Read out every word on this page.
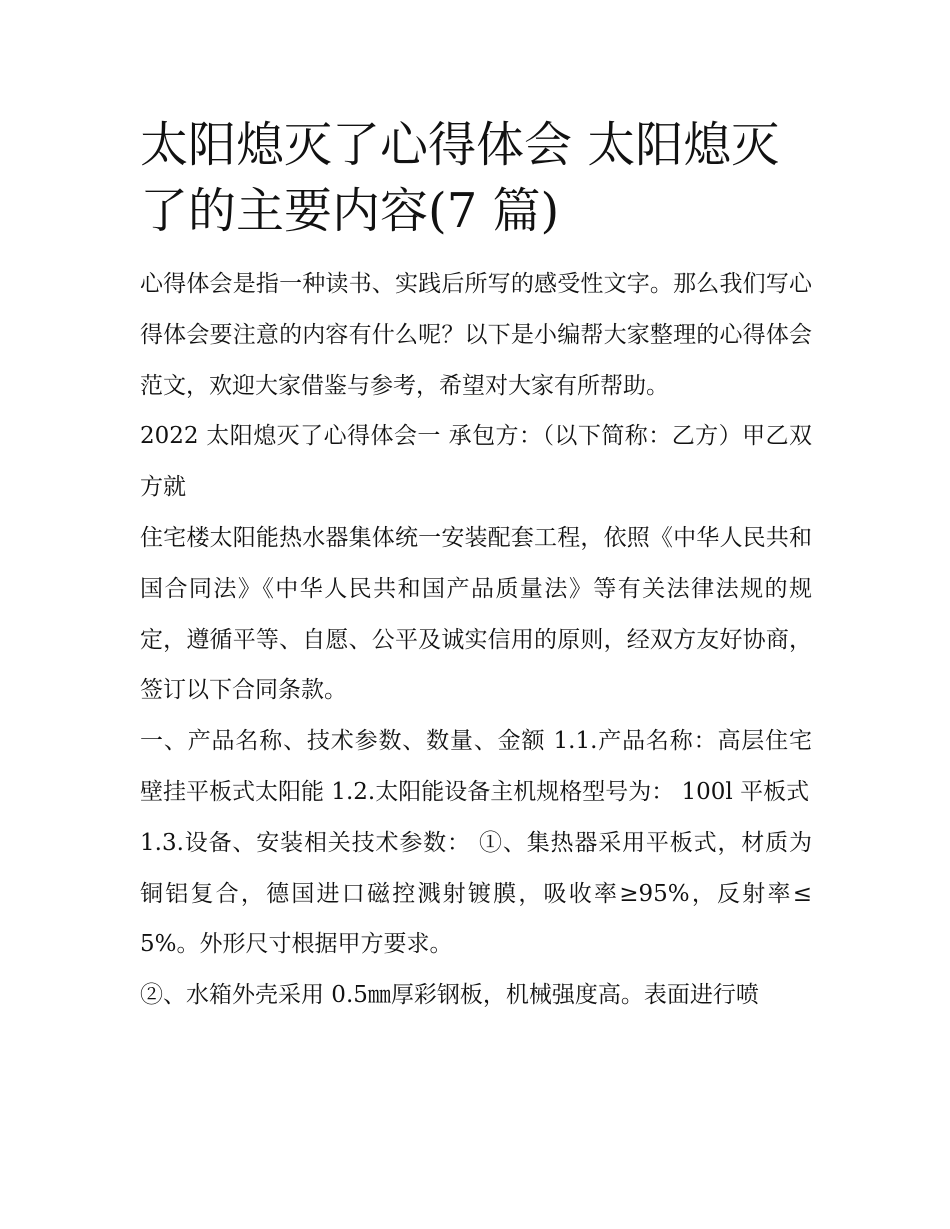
太阳熄灭了心得体会 太阳熄灭了的主要内容(7 篇)

心得体会是指一种读书、实践后所写的感受性文字。那么我们写心得体会要注意的内容有什么呢？以下是小编帮大家整理的心得体会范文，欢迎大家借鉴与参考，希望对大家有所帮助。

2022 太阳熄灭了心得体会一 承包方：（以下简称：乙方）甲乙双方就

住宅楼太阳能热水器集体统一安装配套工程，依照《中华人民共和国合同法》《中华人民共和国产品质量法》等有关法律法规的规定，遵循平等、自愿、公平及诚实信用的原则，经双方友好协商，签订以下合同条款。

一、产品名称、技术参数、数量、金额 1.1.产品名称：高层住宅壁挂平板式太阳能 1.2.太阳能设备主机规格型号为： 100l 平板式

1.3.设备、安装相关技术参数： ①、集热器采用平板式，材质为铜铝复合，德国进口磁控溅射镀膜，吸收率≥95%，反射率≤5%。外形尺寸根据甲方要求。

②、水箱外壳采用 0.5㎜厚彩钢板，机械强度高。表面进行喷
